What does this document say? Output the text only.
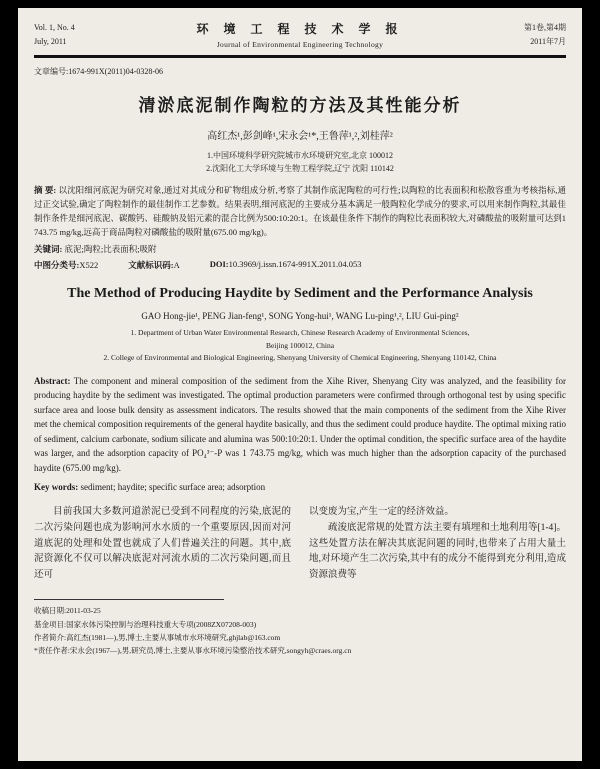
Vol. 1, No. 4
July, 2011
环 境 工 程 技 术 学 报
Journal of Environmental Engineering Technology
第1卷,第4期
2011年7月
文章编号:1674-991X(2011)04-0328-06
清淤底泥制作陶粒的方法及其性能分析
高红杰¹,彭剑峰¹,宋永会¹*,王鲁萍¹,²,刘桂萍²
1.中国环境科学研究院城市水环境研究室,北京 100012
2.沈阳化工大学环境与生物工程学院,辽宁 沈阳 110142
摘 要: 以沈阳细河底泥为研究对象,通过对其成分和矿物组成分析,考察了其制作底泥陶粒的可行性;以陶粒的比表面积和松散容重为考核指标,通过正交试验,确定了陶粒制作的最佳制作工艺参数。结果表明,细河底泥的主要成分基本满足一般陶粒化学成分的要求,可以用来制作陶粒,其最佳制作条件是细河底泥、碳酸钙、硅酸钠及铝元素的混合比例为500:10:20:1。在该最佳条件下制作的陶粒比表面积较大,对磷酸盐的吸附量可达到1 743.75 mg/kg,远高于商品陶粒对磷酸盐的吸附量(675.00 mg/kg)。
关键词: 底泥;陶粒;比表面积;吸附
中图分类号:X522	文献标识码:A	DOI:10.3969/j.issn.1674-991X.2011.04.053
The Method of Producing Haydite by Sediment and the Performance Analysis
GAO Hong-jie¹, PENG Jian-feng¹, SONG Yong-hui¹, WANG Lu-ping¹,², LIU Gui-ping²
1. Department of Urban Water Environmental Research, Chinese Research Academy of Environmental Sciences,
Beijing 100012, China
2. College of Environmental and Biological Engineering, Shenyang University of Chemical Engineering, Shenyang 110142, China
Abstract: The component and mineral composition of the sediment from the Xihe River, Shenyang City was analyzed, and the feasibility for producing haydite by the sediment was investigated. The optimal production parameters were confirmed through orthogonal test by using specific surface area and loose bulk density as assessment indicators. The results showed that the main components of the sediment from the Xihe River met the chemical composition requirements of the general haydite basically, and thus the sediment could produce haydite. The optimal mixing ratio of sediment, calcium carbonate, sodium silicate and alumina was 500:10:20:1. Under the optimal condition, the specific surface area of the haydite was larger, and the adsorption capacity of PO₄³⁻-P was 1 743.75 mg/kg, which was much higher than the adsorption capacity of the purchased haydite (675.00 mg/kg).
Key words: sediment; haydite; specific surface area; adsorption

目前我国大多数河道淤泥已受到不同程度的污染,底泥的二次污染问题也成为影响河水水质的一个重要原因,因而对河道底泥的处理和处置也就成了人们普遍关注的问题。其中,底泥资源化不仅可以解决底泥对河流水质的二次污染问题,而且还可

以变废为宝,产生一定的经济效益。

疏浚底泥常规的处置方法主要有填埋和土地利用等[1-4]。这些处置方法在解决其底泥问题的同时,也带来了占用大量土地,对环境产生二次污染,其中有的成分不能得到充分利用,造成资源浪费等

收稿日期:2011-03-25
基金项目:国家水体污染控制与治理科技重大专项(2008ZX07208-003)
作者简介:高红杰(1981—),男,博士,主要从事城市水环境研究,ghjlab@163.com
*责任作者:宋永会(1967—),男,研究员,博士,主要从事水环境污染整治技术研究,songyh@craes.org.cn
